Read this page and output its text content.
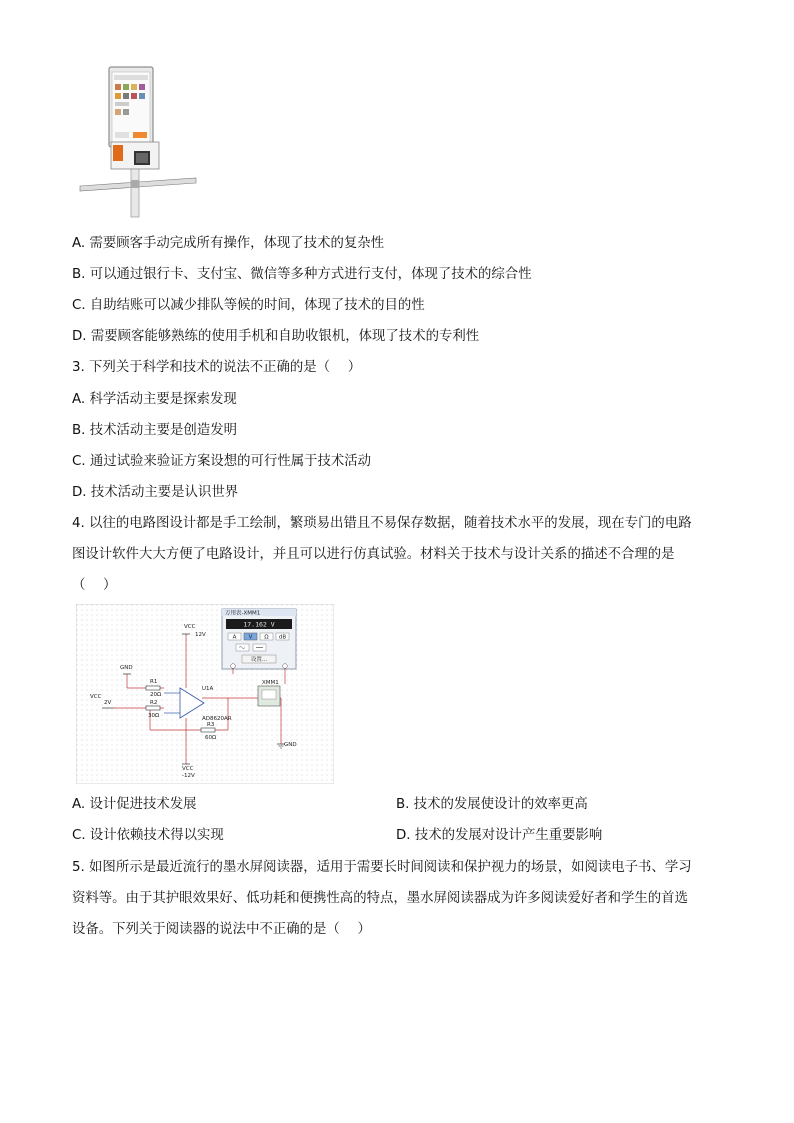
A. 需要顾客手动完成所有操作，体现了技术的复杂性
B. 可以通过银行卡、支付宝、微信等多种方式进行支付，体现了技术的综合性
C. 自助结账可以减少排队等候的时间，体现了技术的目的性
D. 需要顾客能够熟练的使用手机和自助收银机，体现了技术的专利性
3. 下列关于科学和技术的说法不正确的是（　 ）
A. 科学活动主要是探索发现
B. 技术活动主要是创造发明
C. 通过试验来验证方案设想的可行性属于技术活动
D. 技术活动主要是认识世界
4. 以往的电路图设计都是手工绘制，繁琐易出错且不易保存数据，随着技术水平的发展，现在专门的电路
图设计软件大大方便了电路设计，并且可以进行仿真试验。材料关于技术与设计关系的描述不合理的是
（　 ）
万用表-XMM1
17.162 V
A V Ω dB
设置...
VCC
12V
GND
R1
20Ω
VCC
2V	R2
30Ω
U1A
AD8620AR
R3
60Ω
XMM1
GND
VCC
-12V
A. 设计促进技术发展	B. 技术的发展使设计的效率更高
C. 设计依赖技术得以实现	D. 技术的发展对设计产生重要影响
5. 如图所示是最近流行的墨水屏阅读器，适用于需要长时间阅读和保护视力的场景，如阅读电子书、学习
资料等。由于其护眼效果好、低功耗和便携性高的特点，墨水屏阅读器成为许多阅读爱好者和学生的首选
设备。下列关于阅读器的说法中不正确的是（　 ）
